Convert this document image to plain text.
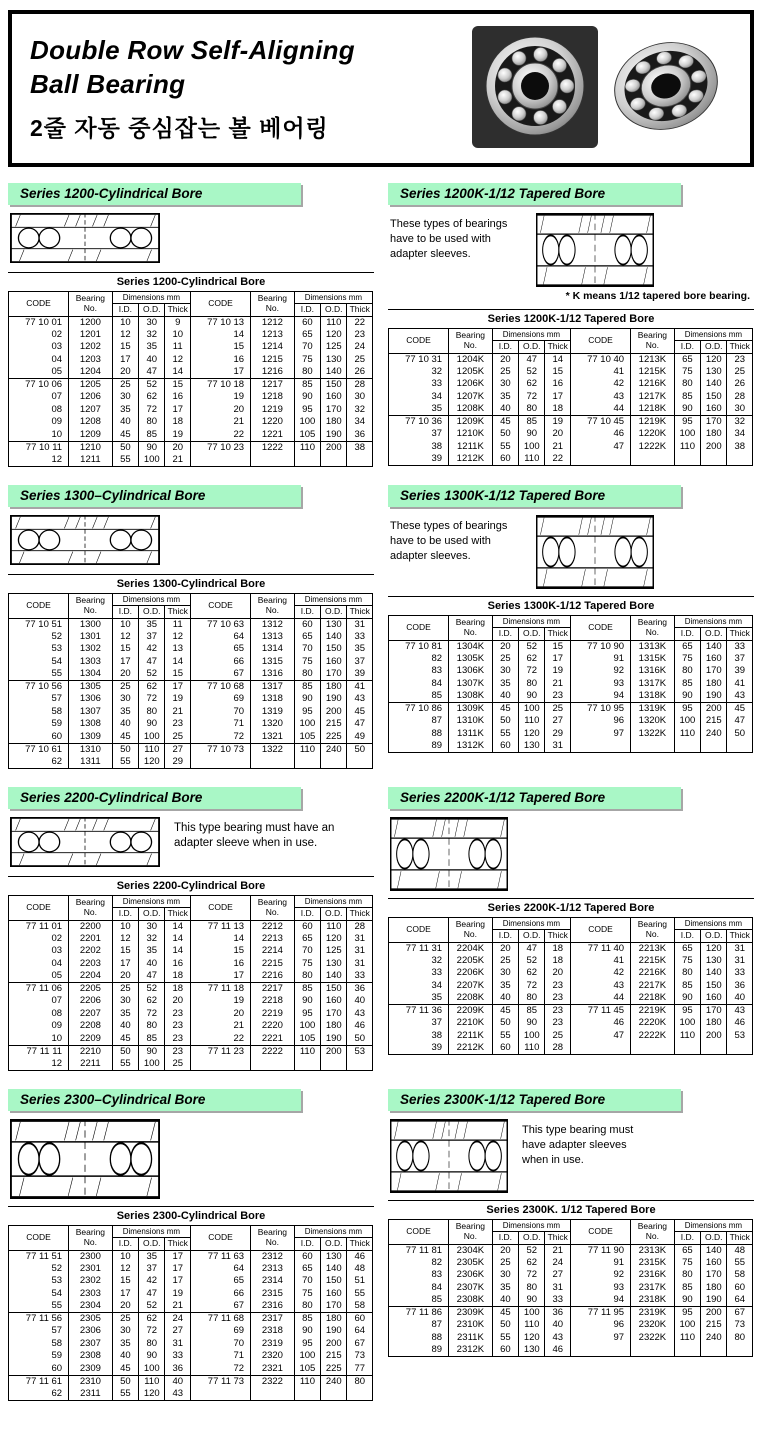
Double Row Self-Aligning
Ball Bearing
2줄 자동 중심잡는 볼 베어링
Series 1200-Cylindrical Bore
Series 1200-Cylindrical Bore
CODE	Bearing No.	Dimensions mm		
		I.D.	O.D.	Thick
77 10 01	1200	10	30	9
02	1201	12	32	10
03	1202	15	35	11
04	1203	17	40	12
05	1204	20	47	14
77 10 06	1205	25	52	15
07	1206	30	62	16
08	1207	35	72	17
09	1208	40	80	18
10	1209	45	85	19
77 10 11	1210	50	90	20
12	1211	55	100	21
CODE	Bearing No.	Dimensions mm		
		I.D.	O.D.	Thick
77 10 13	1212	60	110	22
14	1213	65	120	23
15	1214	70	125	24
16	1215	75	130	25
17	1216	80	140	26
77 10 18	1217	85	150	28
19	1218	90	160	30
20	1219	95	170	32
21	1220	100	180	34
22	1221	105	190	36
77 10 23	1222	110	200	38

Series 1200K-1/12 Tapered Bore
These types of bearings have to be used with adapter sleeves.
* K means 1/12 tapered bore bearing.
Series 1200K-1/12 Tapered Bore
CODE	Bearing No.	Dimensions mm		
		I.D.	O.D.	Thick
77 10 31	1204K	20	47	14
32	1205K	25	52	15
33	1206K	30	62	16
34	1207K	35	72	17
35	1208K	40	80	18
77 10 36	1209K	45	85	19
37	1210K	50	90	20
38	1211K	55	100	21
39	1212K	60	110	22
CODE	Bearing No.	Dimensions mm		
		I.D.	O.D.	Thick
77 10 40	1213K	65	120	23
41	1215K	75	130	25
42	1216K	80	140	26
43	1217K	85	150	28
44	1218K	90	160	30
77 10 45	1219K	95	170	32
46	1220K	100	180	34
47	1222K	110	200	38

Series 1300–Cylindrical Bore
Series 1300-Cylindrical Bore
CODE	Bearing No.	Dimensions mm		
		I.D.	O.D.	Thick
77 10 51	1300	10	35	11
52	1301	12	37	12
53	1302	15	42	13
54	1303	17	47	14
55	1304	20	52	15
77 10 56	1305	25	62	17
57	1306	30	72	19
58	1307	35	80	21
59	1308	40	90	23
60	1309	45	100	25
77 10 61	1310	50	110	27
62	1311	55	120	29
CODE	Bearing No.	Dimensions mm		
		I.D.	O.D.	Thick
77 10 63	1312	60	130	31
64	1313	65	140	33
65	1314	70	150	35
66	1315	75	160	37
67	1316	80	170	39
77 10 68	1317	85	180	41
69	1318	90	190	43
70	1319	95	200	45
71	1320	100	215	47
72	1321	105	225	49
77 10 73	1322	110	240	50

Series 1300K-1/12 Tapered Bore
These types of bearings have to be used with adapter sleeves.
Series 1300K-1/12 Tapered Bore
CODE	Bearing No.	Dimensions mm		
		I.D.	O.D.	Thick
77 10 81	1304K	20	52	15
82	1305K	25	62	17
83	1306K	30	72	19
84	1307K	35	80	21
85	1308K	40	90	23
77 10 86	1309K	45	100	25
87	1310K	50	110	27
88	1311K	55	120	29
89	1312K	60	130	31
CODE	Bearing No.	Dimensions mm		
		I.D.	O.D.	Thick
77 10 90	1313K	65	140	33
91	1315K	75	160	37
92	1316K	80	170	39
93	1317K	85	180	41
94	1318K	90	190	43
77 10 95	1319K	95	200	45
96	1320K	100	215	47
97	1322K	110	240	50

Series 2200-Cylindrical Bore
This type bearing must have an adapter sleeve when in use.
Series 2200-Cylindrical Bore
CODE	Bearing No.	Dimensions mm		
		I.D.	O.D.	Thick
77 11 01	2200	10	30	14
02	2201	12	32	14
03	2202	15	35	14
04	2203	17	40	16
05	2204	20	47	18
77 11 06	2205	25	52	18
07	2206	30	62	20
08	2207	35	72	23
09	2208	40	80	23
10	2209	45	85	23
77 11 11	2210	50	90	23
12	2211	55	100	25
CODE	Bearing No.	Dimensions mm		
		I.D.	O.D.	Thick
77 11 13	2212	60	110	28
14	2213	65	120	31
15	2214	70	125	31
16	2215	75	130	31
17	2216	80	140	33
77 11 18	2217	85	150	36
19	2218	90	160	40
20	2219	95	170	43
21	2220	100	180	46
22	2221	105	190	50
77 11 23	2222	110	200	53

Series 2200K-1/12 Tapered Bore
Series 2200K-1/12 Tapered Bore
CODE	Bearing No.	Dimensions mm		
		I.D.	O.D.	Thick
77 11 31	2204K	20	47	18
32	2205K	25	52	18
33	2206K	30	62	20
34	2207K	35	72	23
35	2208K	40	80	23
77 11 36	2209K	45	85	23
37	2210K	50	90	23
38	2211K	55	100	25
39	2212K	60	110	28
CODE	Bearing No.	Dimensions mm		
		I.D.	O.D.	Thick
77 11 40	2213K	65	120	31
41	2215K	75	130	31
42	2216K	80	140	33
43	2217K	85	150	36
44	2218K	90	160	40
77 11 45	2219K	95	170	43
46	2220K	100	180	46
47	2222K	110	200	53

Series 2300–Cylindrical Bore
Series 2300-Cylindrical Bore
CODE	Bearing No.	Dimensions mm		
		I.D.	O.D.	Thick
77 11 51	2300	10	35	17
52	2301	12	37	17
53	2302	15	42	17
54	2303	17	47	19
55	2304	20	52	21
77 11 56	2305	25	62	24
57	2306	30	72	27
58	2307	35	80	31
59	2308	40	90	33
60	2309	45	100	36
77 11 61	2310	50	110	40
62	2311	55	120	43
CODE	Bearing No.	Dimensions mm		
		I.D.	O.D.	Thick
77 11 63	2312	60	130	46
64	2313	65	140	48
65	2314	70	150	51
66	2315	75	160	55
67	2316	80	170	58
77 11 68	2317	85	180	60
69	2318	90	190	64
70	2319	95	200	67
71	2320	100	215	73
72	2321	105	225	77
77 11 73	2322	110	240	80

Series 2300K-1/12 Tapered Bore
This type bearing must have adapter sleeves when in use.
Series 2300K. 1/12 Tapered Bore
CODE	Bearing No.	Dimensions mm		
		I.D.	O.D.	Thick
77 11 81	2304K	20	52	21
82	2305K	25	62	24
83	2306K	30	72	27
84	2307K	35	80	31
85	2308K	40	90	33
77 11 86	2309K	45	100	36
87	2310K	50	110	40
88	2311K	55	120	43
89	2312K	60	130	46
CODE	Bearing No.	Dimensions mm		
		I.D.	O.D.	Thick
77 11 90	2313K	65	140	48
91	2315K	75	160	55
92	2316K	80	170	58
93	2317K	85	180	60
94	2318K	90	190	64
77 11 95	2319K	95	200	67
96	2320K	100	215	73
97	2322K	110	240	80
